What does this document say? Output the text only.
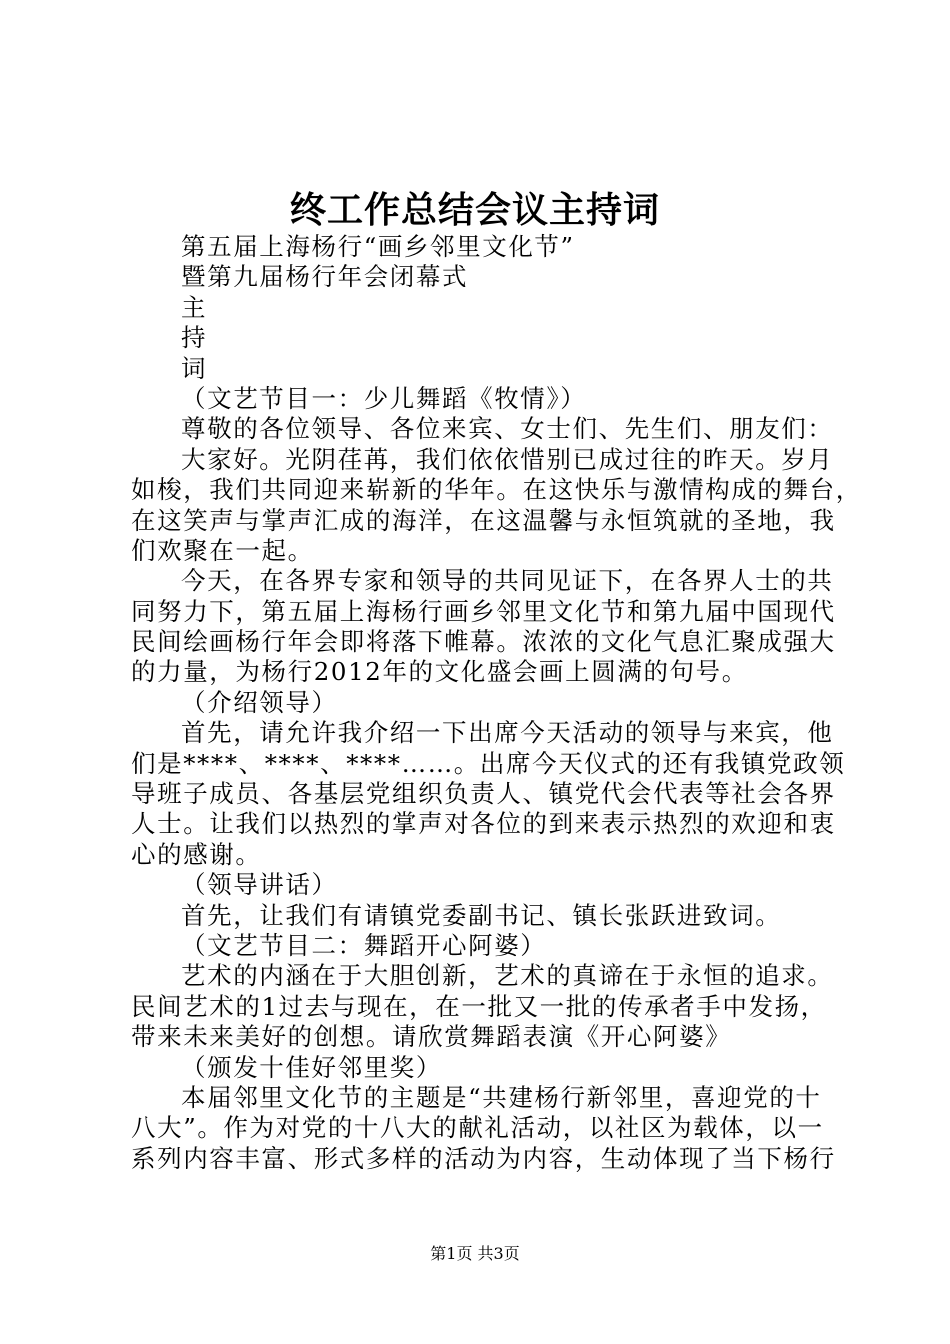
终工作总结会议主持词
第五届上海杨行“画乡邻里文化节”
暨第九届杨行年会闭幕式
主
持
词
（文艺节目一：少儿舞蹈《牧情》）
尊敬的各位领导、各位来宾、女士们、先生们、朋友们：
大家好。光阴荏苒，我们依依惜别已成过往的昨天。岁月
如梭，我们共同迎来崭新的华年。在这快乐与激情构成的舞台，
在这笑声与掌声汇成的海洋，在这温馨与永恒筑就的圣地，我
们欢聚在一起。
今天，在各界专家和领导的共同见证下，在各界人士的共
同努力下，第五届上海杨行画乡邻里文化节和第九届中国现代
民间绘画杨行年会即将落下帷幕。浓浓的文化气息汇聚成强大
的力量，为杨行2012年的文化盛会画上圆满的句号。
（介绍领导）
首先，请允许我介绍一下出席今天活动的领导与来宾，他
们是****、****、****……。出席今天仪式的还有我镇党政领
导班子成员、各基层党组织负责人、镇党代会代表等社会各界
人士。让我们以热烈的掌声对各位的到来表示热烈的欢迎和衷
心的感谢。
（领导讲话）
首先，让我们有请镇党委副书记、镇长张跃进致词。
（文艺节目二：舞蹈开心阿婆）
艺术的内涵在于大胆创新，艺术的真谛在于永恒的追求。
民间艺术的1过去与现在，在一批又一批的传承者手中发扬，
带来未来美好的创想。请欣赏舞蹈表演《开心阿婆》
（颁发十佳好邻里奖）
本届邻里文化节的主题是“共建杨行新邻里，喜迎党的十
八大”。作为对党的十八大的献礼活动，以社区为载体，以一
系列内容丰富、形式多样的活动为内容，生动体现了当下杨行
第1页 共3页
